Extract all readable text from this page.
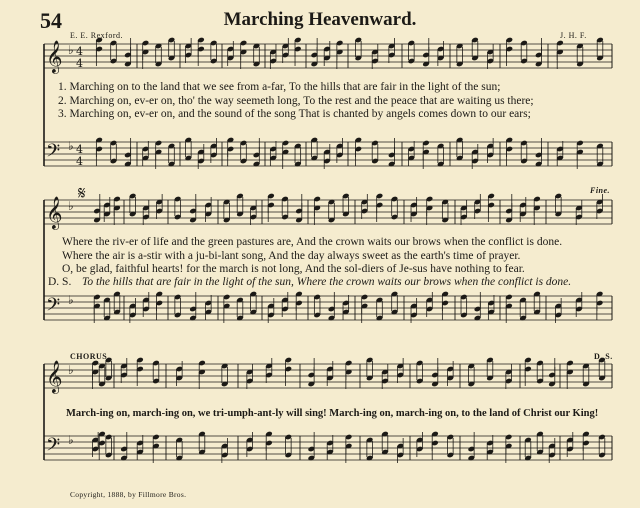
𝄞
𝄢
♭
♭
4
4
4
4
𝄞
𝄢
♭
♭
𝄞
𝄢
♭
♭
54	Marching Heavenward.
E. E. Rexford.	J. H. F.
1. Marching on to the land that we see from a-far, To the hills that are fair in the light of the sun;
2. Marching on, ev-er on, tho' the way seemeth long, To the rest and the peace that are waiting us there;
3. Marching on, ev-er on, and the sound of the song That is chanted by angels comes down to our ears;
𝄋	Fine.
Where the riv-er of life and the green pastures are, And the crown waits our brows when the conflict is done.
Where the air is a-stir with a ju-bi-lant song, And the day always sweet as the earth's time of prayer.
O, be glad, faithful hearts! for the march is not long, And the sol-diers of Je-sus have nothing to fear.
D. S. To the hills that are fair in the light of the sun, Where the crown waits our brows when the conflict is done.
CHORUS.	D. S.
March-ing on, march-ing on, we tri-umph-ant-ly will sing! March-ing on, march-ing on, to the land of Christ our King!
Copyright, 1888, by Fillmore Bros.
